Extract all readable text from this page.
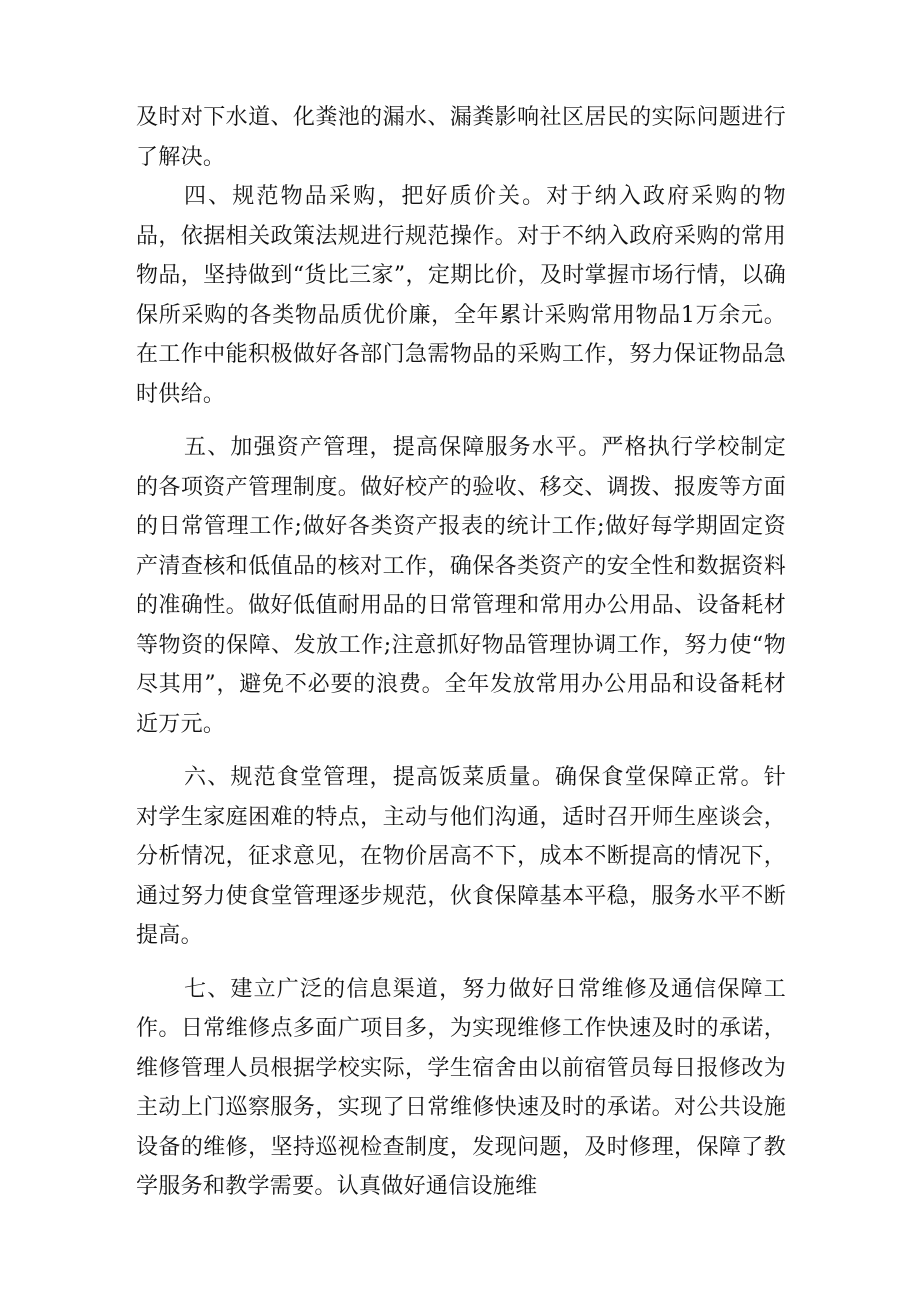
及时对下水道、化粪池的漏水、漏粪影响社区居民的实际问题进行了解决。

四、规范物品采购，把好质价关。对于纳入政府采购的物品，依据相关政策法规进行规范操作。对于不纳入政府采购的常用物品，坚持做到“货比三家”，定期比价，及时掌握市场行情，以确保所采购的各类物品质优价廉，全年累计采购常用物品1万余元。在工作中能积极做好各部门急需物品的采购工作，努力保证物品急时供给。

五、加强资产管理，提高保障服务水平。严格执行学校制定的各项资产管理制度。做好校产的验收、移交、调拨、报废等方面的日常管理工作;做好各类资产报表的统计工作;做好每学期固定资产清查核和低值品的核对工作，确保各类资产的安全性和数据资料的准确性。做好低值耐用品的日常管理和常用办公用品、设备耗材等物资的保障、发放工作;注意抓好物品管理协调工作，努力使“物尽其用”，避免不必要的浪费。全年发放常用办公用品和设备耗材近万元。

六、规范食堂管理，提高饭菜质量。确保食堂保障正常。针对学生家庭困难的特点，主动与他们沟通，适时召开师生座谈会，分析情况，征求意见，在物价居高不下，成本不断提高的情况下，通过努力使食堂管理逐步规范，伙食保障基本平稳，服务水平不断提高。

七、建立广泛的信息渠道，努力做好日常维修及通信保障工作。日常维修点多面广项目多，为实现维修工作快速及时的承诺，维修管理人员根据学校实际，学生宿舍由以前宿管员每日报修改为主动上门巡察服务，实现了日常维修快速及时的承诺。对公共设施设备的维修，坚持巡视检查制度，发现问题，及时修理，保障了教学服务和教学需要。认真做好通信设施维
